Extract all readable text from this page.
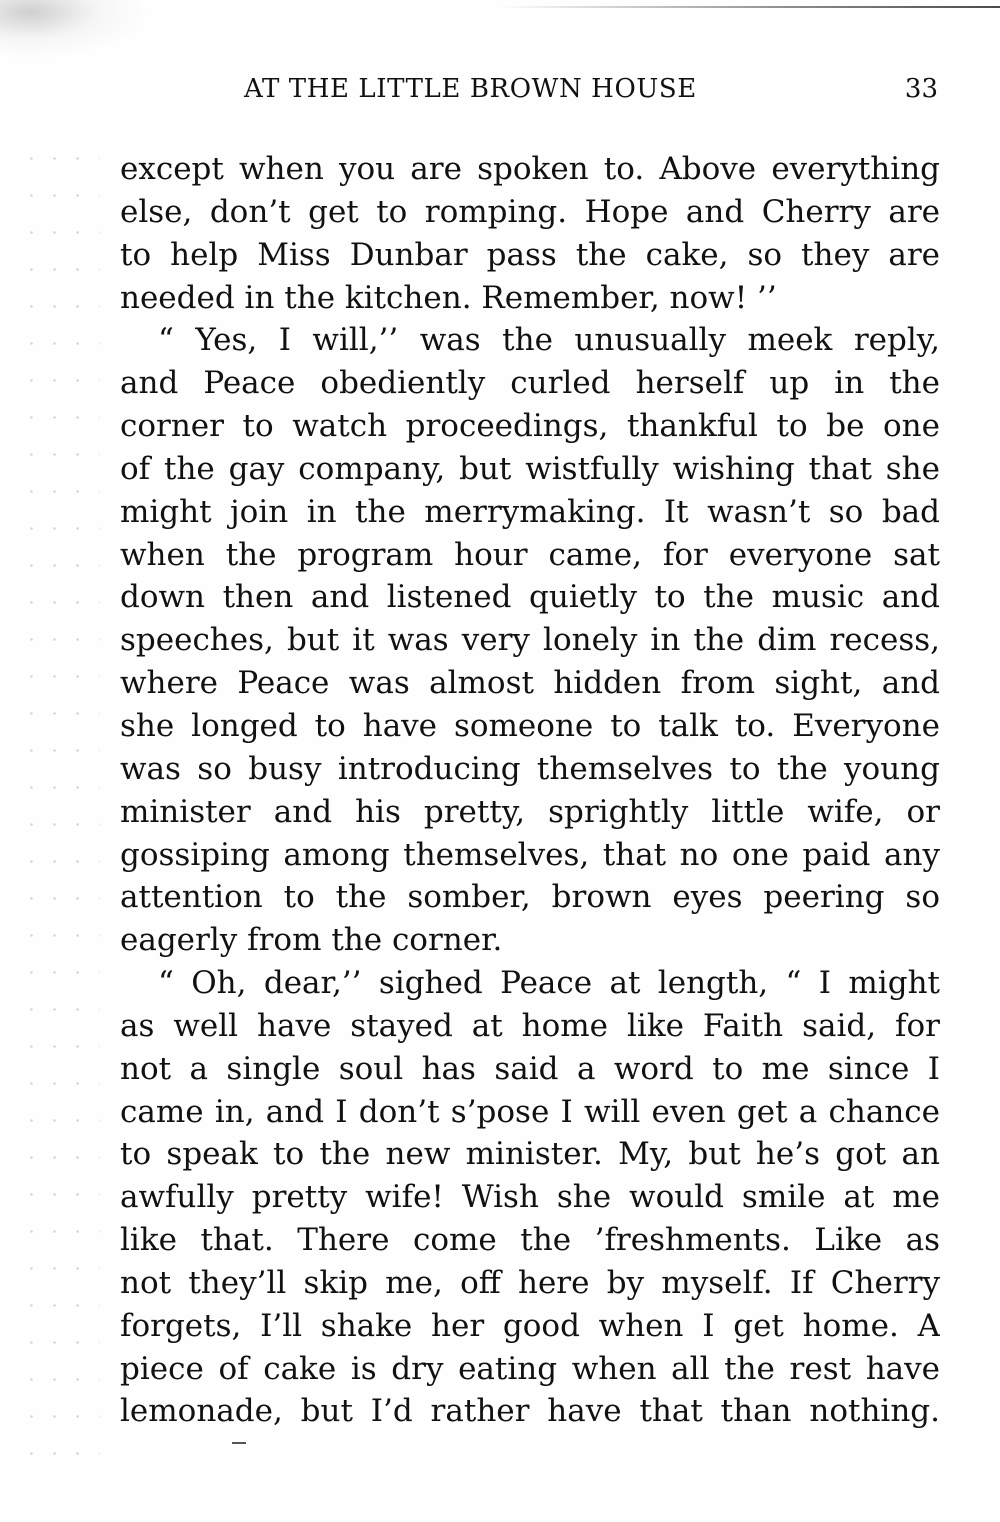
AT THE LITTLE BROWN HOUSE	33
except when you are spoken to. Above everything
else, don’t get to romping. Hope and Cherry are
to help Miss Dunbar pass the cake, so they are
needed in the kitchen. Remember, now! ’’
“ Yes, I will,’’ was the unusually meek reply,
and Peace obediently curled herself up in the
corner to watch proceedings, thankful to be one
of the gay company, but wistfully wishing that she
might join in the merrymaking. It wasn’t so bad
when the program hour came, for everyone sat
down then and listened quietly to the music and
speeches, but it was very lonely in the dim recess,
where Peace was almost hidden from sight, and
she longed to have someone to talk to. Everyone
was so busy introducing themselves to the young
minister and his pretty, sprightly little wife, or
gossiping among themselves, that no one paid any
attention to the somber, brown eyes peering so
eagerly from the corner.
“ Oh, dear,’’ sighed Peace at length, “ I might
as well have stayed at home like Faith said, for
not a single soul has said a word to me since I
came in, and I don’t s’pose I will even get a chance
to speak to the new minister. My, but he’s got an
awfully pretty wife! Wish she would smile at me
like that. There come the ’freshments. Like as
not they’ll skip me, off here by myself. If Cherry
forgets, I’ll shake her good when I get home. A
piece of cake is dry eating when all the rest have
lemonade, but I’d rather have that than nothing.
